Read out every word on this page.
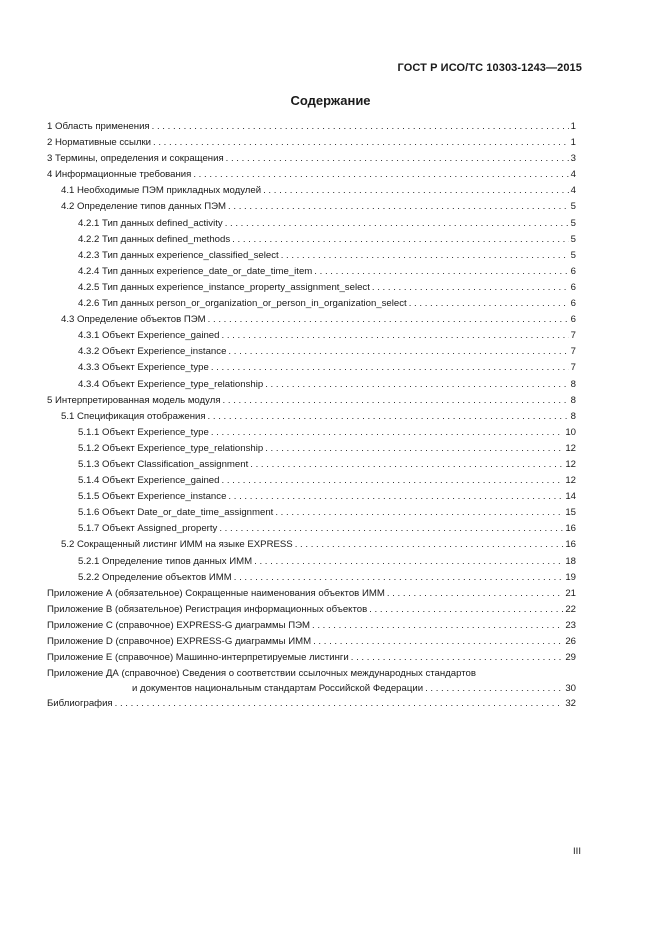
ГОСТ Р ИСО/ТС 10303-1243—2015
Содержание
1 Область применения . . .	1
2 Нормативные ссылки . . .	1
3 Термины, определения и сокращения . . .	3
4 Информационные требования . . .	4
4.1 Необходимые ПЭМ прикладных модулей . . .	4
4.2 Определение типов данных ПЭМ . . .	5
4.2.1 Тип данных defined_activity . . .	5
4.2.2 Тип данных defined_methods . . .	5
4.2.3 Тип данных experience_classified_select . . .	5
4.2.4 Тип данных experience_date_or_date_time_item . . .	6
4.2.5 Тип данных experience_instance_property_assignment_select . . .	6
4.2.6 Тип данных person_or_organization_or_person_in_organization_select . . .	6
4.3 Определение объектов ПЭМ . . .	6
4.3.1 Объект Experience_gained . . .	7
4.3.2 Объект Experience_instance . . .	7
4.3.3 Объект Experience_type . . .	7
4.3.4 Объект Experience_type_relationship . . .	8
5 Интерпретированная модель модуля . . .	8
5.1 Спецификация отображения . . .	8
5.1.1 Объект Experience_type . . .	10
5.1.2 Объект Experience_type_relationship . . .	12
5.1.3 Объект Classification_assignment . . .	12
5.1.4 Объект Experience_gained . . .	12
5.1.5 Объект Experience_instance . . .	14
5.1.6 Объект Date_or_date_time_assignment . . .	15
5.1.7 Объект Assigned_property . . .	16
5.2 Сокращенный листинг ИММ на языке EXPRESS . . .	16
5.2.1 Определение типов данных ИММ . . .	18
5.2.2 Определение объектов ИММ . . .	19
Приложение А (обязательное) Сокращенные наименования объектов ИММ . . .	21
Приложение В (обязательное) Регистрация информационных объектов . . .	22
Приложение С (справочное) EXPRESS-G диаграммы ПЭМ . . .	23
Приложение D (справочное) EXPRESS-G диаграммы ИММ . . .	26
Приложение Е (справочное) Машинно-интерпретируемые листинги . . .	29
Приложение ДА (справочное) Сведения о соответствии ссылочных международных стандартов
и документов национальным стандартам Российской Федерации . . .	30
Библиография . . .	32
III
